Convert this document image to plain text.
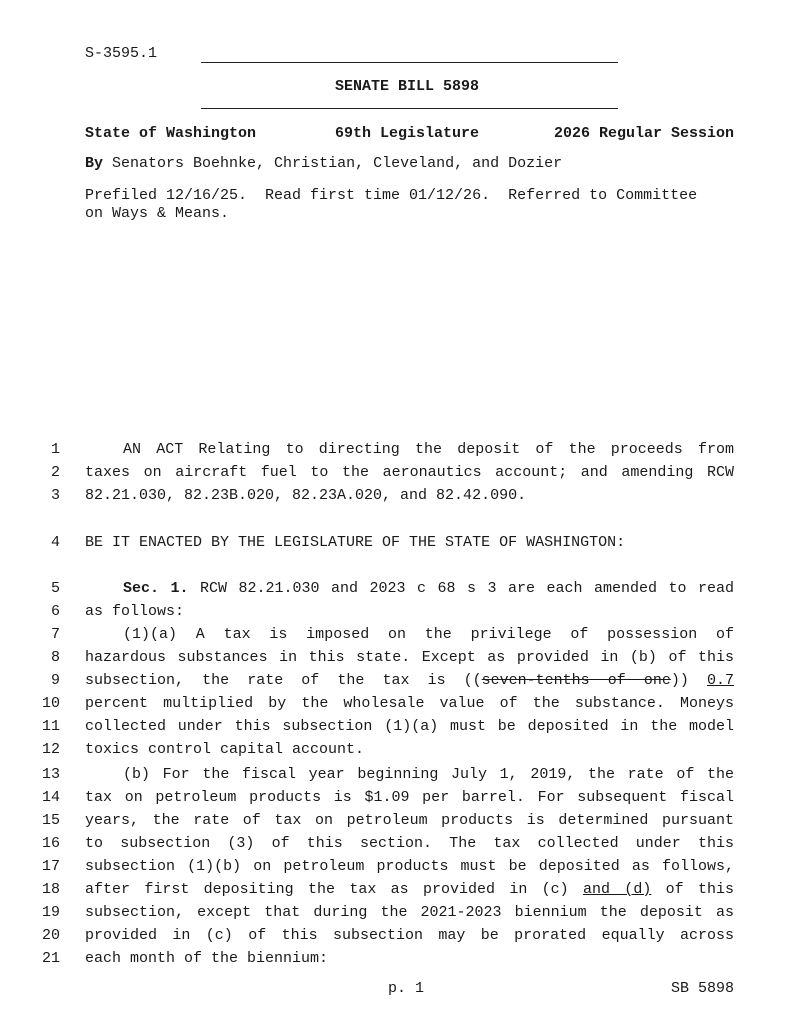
S-3595.1
SENATE BILL 5898
State of Washington	69th Legislature	2026 Regular Session
By Senators Boehnke, Christian, Cleveland, and Dozier
Prefiled 12/16/25.  Read first time 01/12/26.  Referred to Committee
on Ways & Means.
1
2
3
4
5
6
7
8
9
10
11
12
13
14
15
16
17
18
19
20
21
AN ACT Relating to directing the deposit of the proceeds from
taxes on aircraft fuel to the aeronautics account; and amending RCW
82.21.030, 82.23B.020, 82.23A.020, and 82.42.090.
BE IT ENACTED BY THE LEGISLATURE OF THE STATE OF WASHINGTON:
Sec. 1. RCW 82.21.030 and 2023 c 68 s 3 are each amended to read
as follows:
(1)(a) A tax is imposed on the privilege of possession of
hazardous substances in this state. Except as provided in (b) of this
subsection, the rate of the tax is ((seven-tenths of one)) 0.7
percent multiplied by the wholesale value of the substance. Moneys
collected under this subsection (1)(a) must be deposited in the model
toxics control capital account.
(b) For the fiscal year beginning July 1, 2019, the rate of the
tax on petroleum products is $1.09 per barrel. For subsequent fiscal
years, the rate of tax on petroleum products is determined pursuant
to subsection (3) of this section. The tax collected under this
subsection (1)(b) on petroleum products must be deposited as follows,
after first depositing the tax as provided in (c) and (d) of this
subsection, except that during the 2021-2023 biennium the deposit as
provided in (c) of this subsection may be prorated equally across
each month of the biennium:
p. 1	SB 5898
